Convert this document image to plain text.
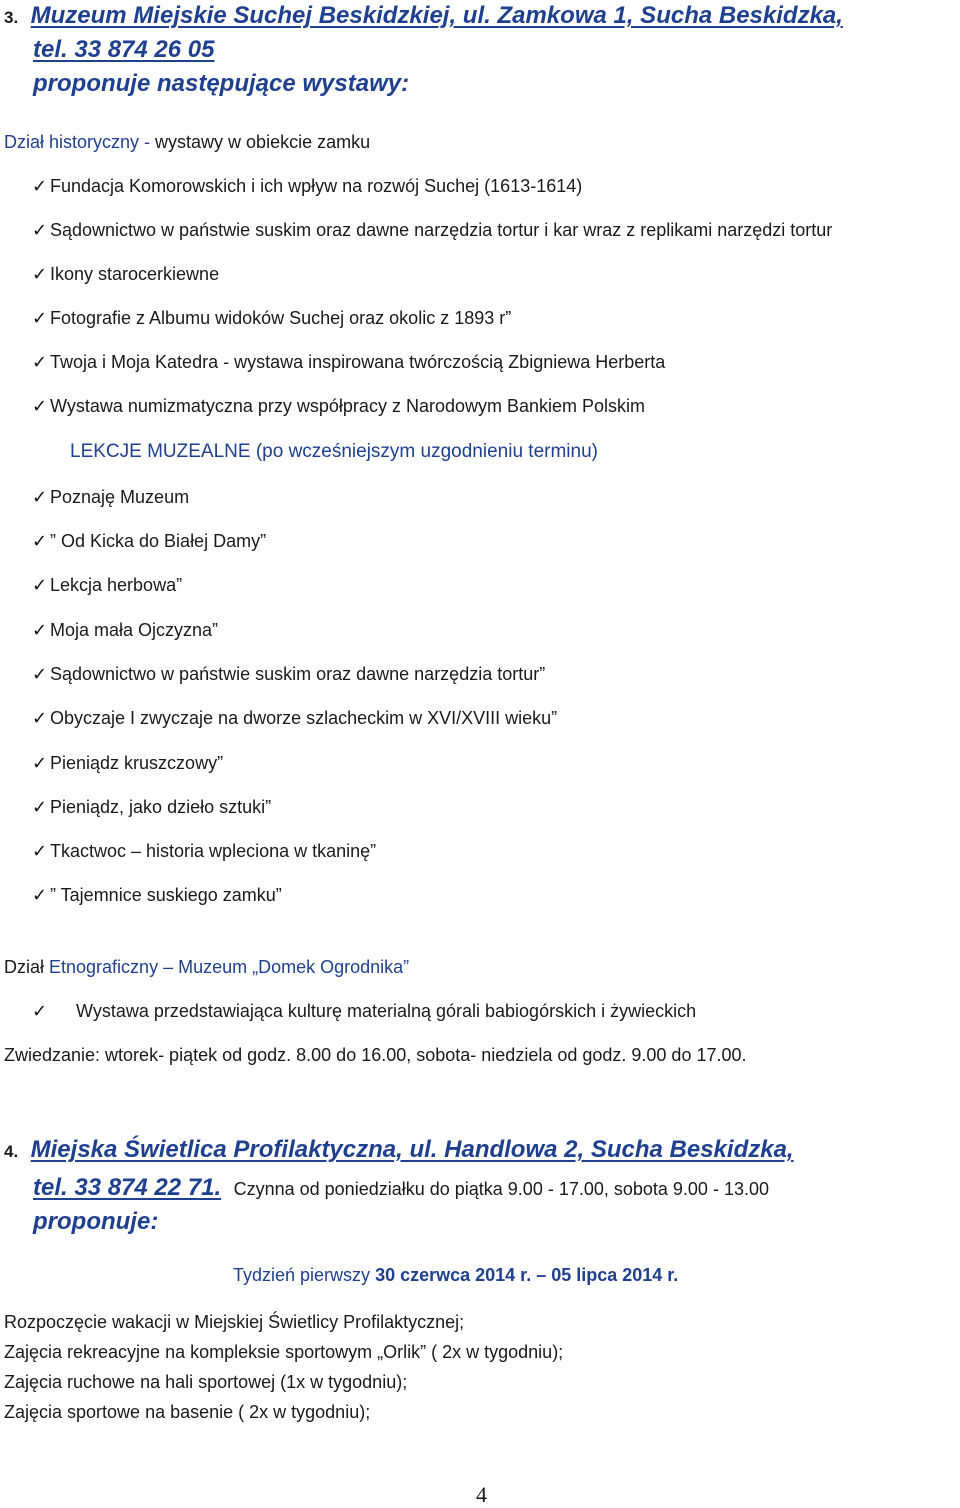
3. Muzeum Miejskie Suchej Beskidzkiej, ul. Zamkowa 1, Sucha Beskidzka,
tel. 33 874 26 05
proponuje następujące wystawy:
Dział historyczny - wystawy w obiekcie zamku
✓ Fundacja Komorowskich i ich wpływ na rozwój Suchej (1613-1614)
✓ Sądownictwo w państwie suskim oraz dawne narzędzia tortur i kar wraz z replikami narzędzi tortur
✓ Ikony starocerkiewne
✓ Fotografie z Albumu widoków Suchej oraz okolic z 1893 r”
✓ Twoja i Moja Katedra - wystawa inspirowana twórczością Zbigniewa Herberta
✓ Wystawa numizmatyczna przy współpracy z Narodowym Bankiem Polskim
LEKCJE MUZEALNE (po wcześniejszym uzgodnieniu terminu)
✓ Poznaję Muzeum
✓ ” Od Kicka do Białej Damy”
✓ Lekcja herbowa”
✓ Moja mała Ojczyzna”
✓ Sądownictwo w państwie suskim oraz dawne narzędzia tortur”
✓ Obyczaje I zwyczaje na dworze szlacheckim w XVI/XVIII wieku”
✓ Pieniądz kruszczowy”
✓ Pieniądz, jako dzieło sztuki”
✓ Tkactwoc – historia wpleciona w tkaninę”
✓ ” Tajemnice suskiego zamku”
Dział Etnograficzny – Muzeum „Domek Ogrodnika”
✓	Wystawa przedstawiająca kulturę materialną górali babiogórskich i żywieckich
Zwiedzanie: wtorek- piątek od godz. 8.00 do 16.00, sobota- niedziela od godz. 9.00 do 17.00.
4. Miejska Świetlica Profilaktyczna, ul. Handlowa 2, Sucha Beskidzka,
tel. 33 874 22 71. Czynna od poniedziałku do piątka 9.00 - 17.00, sobota 9.00 - 13.00
proponuje:
Tydzień pierwszy 30 czerwca 2014 r. – 05 lipca 2014 r.
Rozpoczęcie wakacji w Miejskiej Świetlicy Profilaktycznej;
Zajęcia rekreacyjne na kompleksie sportowym „Orlik” ( 2x w tygodniu);
Zajęcia ruchowe na hali sportowej (1x w tygodniu);
Zajęcia sportowe na basenie ( 2x w tygodniu);
4
